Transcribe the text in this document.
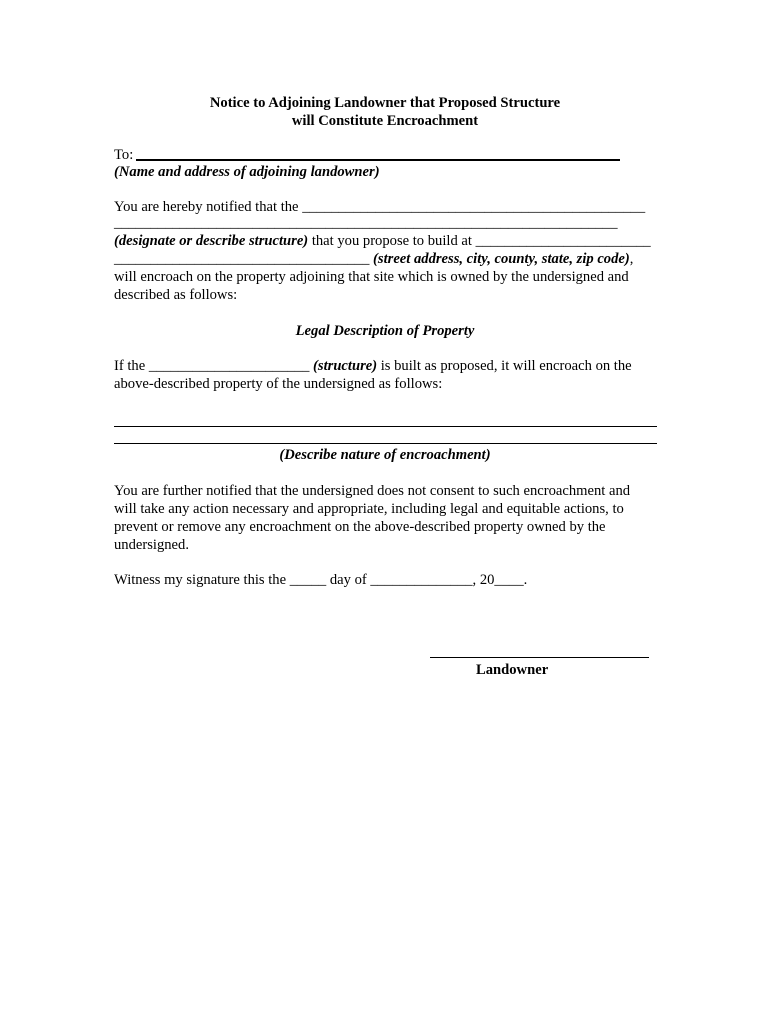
Notice to Adjoining Landowner that Proposed Structure
will Constitute Encroachment
To:
(Name and address of adjoining landowner)
You are hereby notified that the _______________________________________________
_____________________________________________________________________
(designate or describe structure) that you propose to build at ________________________
___________________________________ (street address, city, county, state, zip code),
will encroach on the property adjoining that site which is owned by the undersigned and
described as follows:
Legal Description of Property
If the ______________________ (structure) is built as proposed, it will encroach on the
above-described property of the undersigned as follows:
(Describe nature of encroachment)
You are further notified that the undersigned does not consent to such encroachment and
will take any action necessary and appropriate, including legal and equitable actions, to
prevent or remove any encroachment on the above-described property owned by the
undersigned.
Witness my signature this the _____ day of ______________, 20____.
Landowner
